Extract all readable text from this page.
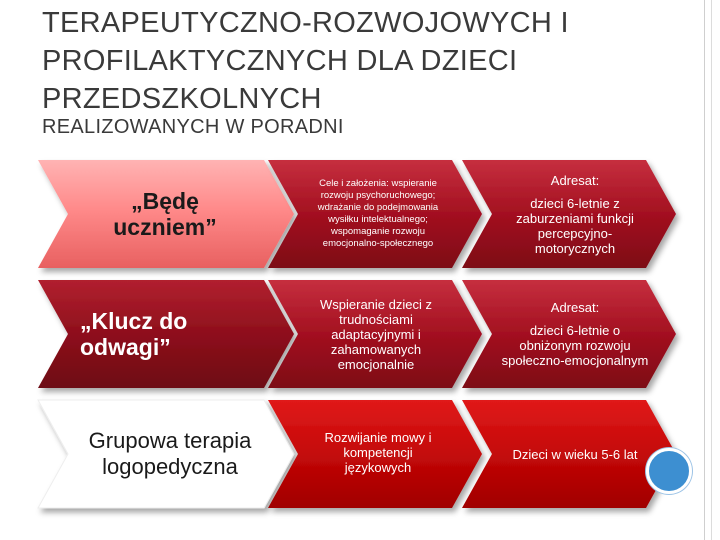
TERAPEUTYCZNO-ROZWOJOWYCH I
PROFILAKTYCZNYCH DLA DZIECI
PRZEDSZKOLNYCH
REALIZOWANYCH W PORADNI
„Będę uczniem”
Cele i założenia: wspieranie rozwoju psychoruchowego; wdrażanie do podejmowania wysiłku intelektualnego; wspomaganie rozwoju emocjonalno-społecznego
Adresat:
dzieci 6-letnie z zaburzeniami funkcji percepcyjno-motorycznych
„Klucz do odwagi”
Wspieranie dzieci z trudnościami adaptacyjnymi i zahamowanych emocjonalnie
Adresat:
dzieci 6-letnie o obniżonym rozwoju społeczno-emocjonalnym
Grupowa terapia logopedyczna
Rozwijanie mowy i kompetencji językowych
Dzieci w wieku 5-6 lat
